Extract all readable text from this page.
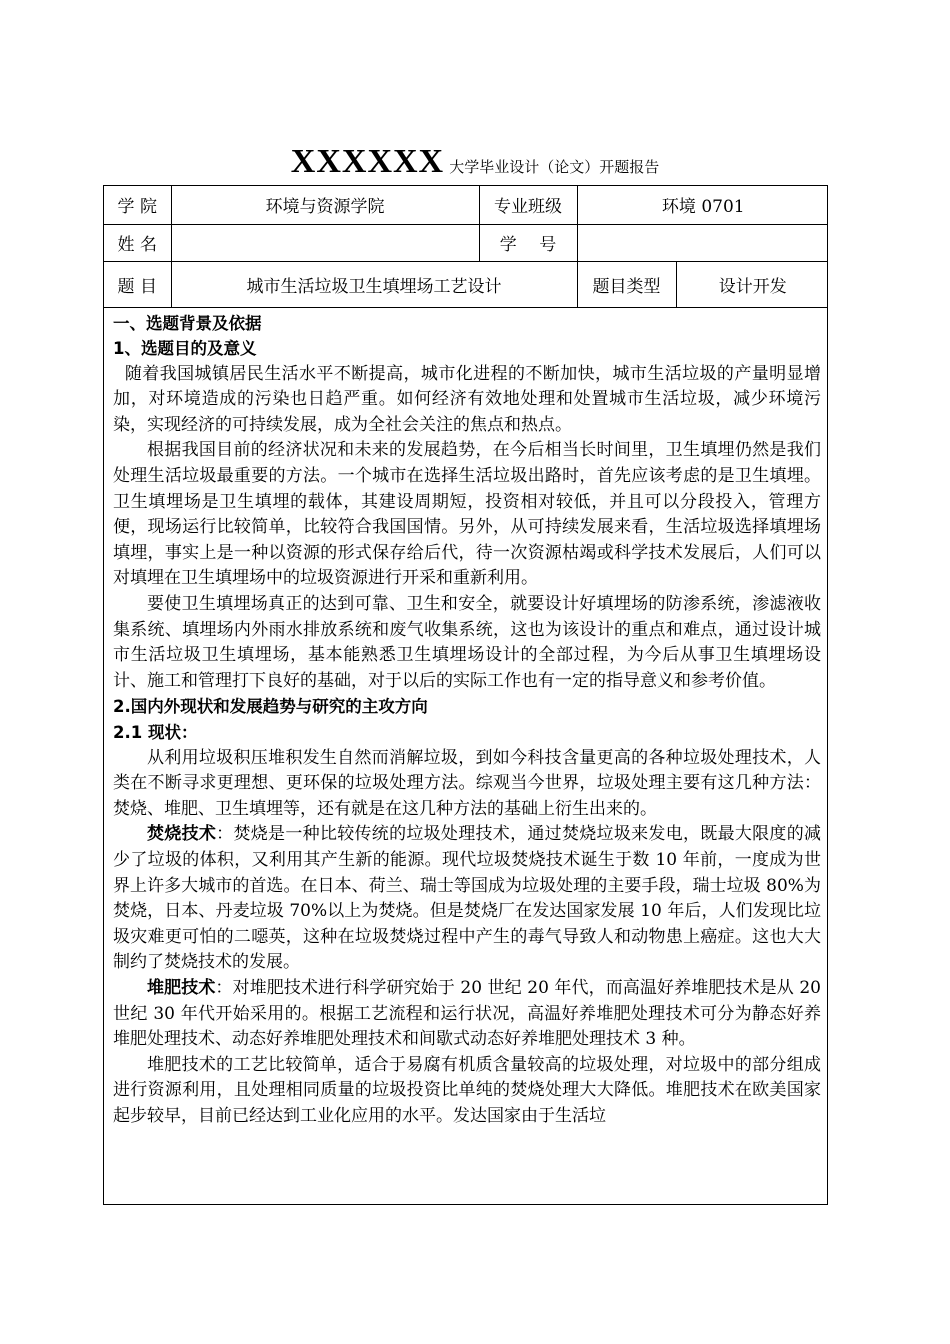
XXXXXX 大学毕业设计（论文）开题报告
学 院	环境与资源学院	专业班级	环境 0701	
姓 名		学　 号		
题 目	城市生活垃圾卫生填埋场工艺设计		题目类型	设计开发

一、选题背景及依据

1、选题目的及意义

随着我国城镇居民生活水平不断提高，城市化进程的不断加快，城市生活垃圾的产量明显增加，对环境造成的污染也日趋严重。如何经济有效地处理和处置城市生活垃圾，减少环境污染，实现经济的可持续发展，成为全社会关注的焦点和热点。

根据我国目前的经济状况和未来的发展趋势，在今后相当长时间里，卫生填埋仍然是我们处理生活垃圾最重要的方法。一个城市在选择生活垃圾出路时，首先应该考虑的是卫生填埋。卫生填埋场是卫生填埋的载体，其建设周期短，投资相对较低，并且可以分段投入，管理方便，现场运行比较简单，比较符合我国国情。另外，从可持续发展来看，生活垃圾选择填埋场填埋，事实上是一种以资源的形式保存给后代，待一次资源枯竭或科学技术发展后，人们可以对填埋在卫生填埋场中的垃圾资源进行开采和重新利用。

要使卫生填埋场真正的达到可靠、卫生和安全，就要设计好填埋场的防渗系统，渗滤液收集系统、填埋场内外雨水排放系统和废气收集系统，这也为该设计的重点和难点，通过设计城市生活垃圾卫生填埋场，基本能熟悉卫生填埋场设计的全部过程，为今后从事卫生填埋场设计、施工和管理打下良好的基础，对于以后的实际工作也有一定的指导意义和参考价值。

2.国内外现状和发展趋势与研究的主攻方向

2.1 现状：

从利用垃圾积压堆积发生自然而消解垃圾，到如今科技含量更高的各种垃圾处理技术，人类在不断寻求更理想、更环保的垃圾处理方法。综观当今世界，垃圾处理主要有这几种方法：焚烧、堆肥、卫生填埋等，还有就是在这几种方法的基础上衍生出来的。

焚烧技术：焚烧是一种比较传统的垃圾处理技术，通过焚烧垃圾来发电，既最大限度的减少了垃圾的体积，又利用其产生新的能源。现代垃圾焚烧技术诞生于数 10 年前，一度成为世界上许多大城市的首选。在日本、荷兰、瑞士等国成为垃圾处理的主要手段，瑞士垃圾 80%为焚烧，日本、丹麦垃圾 70%以上为焚烧。但是焚烧厂在发达国家发展 10 年后，人们发现比垃圾灾难更可怕的二噁英，这种在垃圾焚烧过程中产生的毒气导致人和动物患上癌症。这也大大制约了焚烧技术的发展。

堆肥技术：对堆肥技术进行科学研究始于 20 世纪 20 年代，而高温好养堆肥技术是从 20 世纪 30 年代开始采用的。根据工艺流程和运行状况，高温好养堆肥处理技术可分为静态好养堆肥处理技术、动态好养堆肥处理技术和间歇式动态好养堆肥处理技术 3 种。

堆肥技术的工艺比较简单，适合于易腐有机质含量较高的垃圾处理，对垃圾中的部分组成进行资源利用，且处理相同质量的垃圾投资比单纯的焚烧处理大大降低。堆肥技术在欧美国家起步较早，目前已经达到工业化应用的水平。发达国家由于生活垃
